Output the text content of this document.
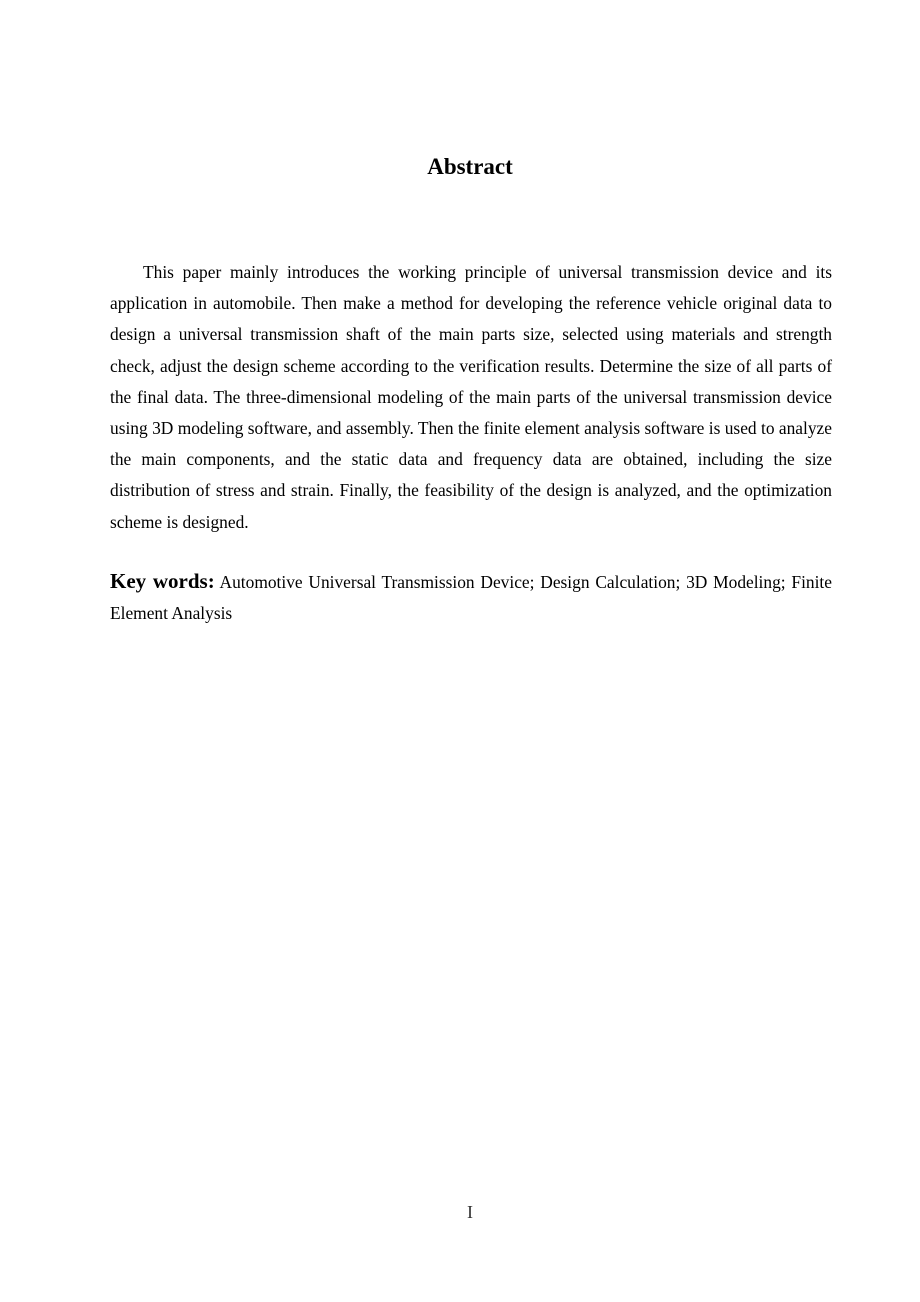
Abstract

This paper mainly introduces the working principle of universal transmission device and its application in automobile. Then make a method for developing the reference vehicle original data to design a universal transmission shaft of the main parts size, selected using materials and strength check, adjust the design scheme according to the verification results. Determine the size of all parts of the final data. The three-dimensional modeling of the main parts of the universal transmission device using 3D modeling software, and assembly. Then the finite element analysis software is used to analyze the main components, and the static data and frequency data are obtained, including the size distribution of stress and strain. Finally, the feasibility of the design is analyzed, and the optimization scheme is designed.

Key words: Automotive Universal Transmission Device; Design Calculation; 3D Modeling; Finite Element Analysis

I
